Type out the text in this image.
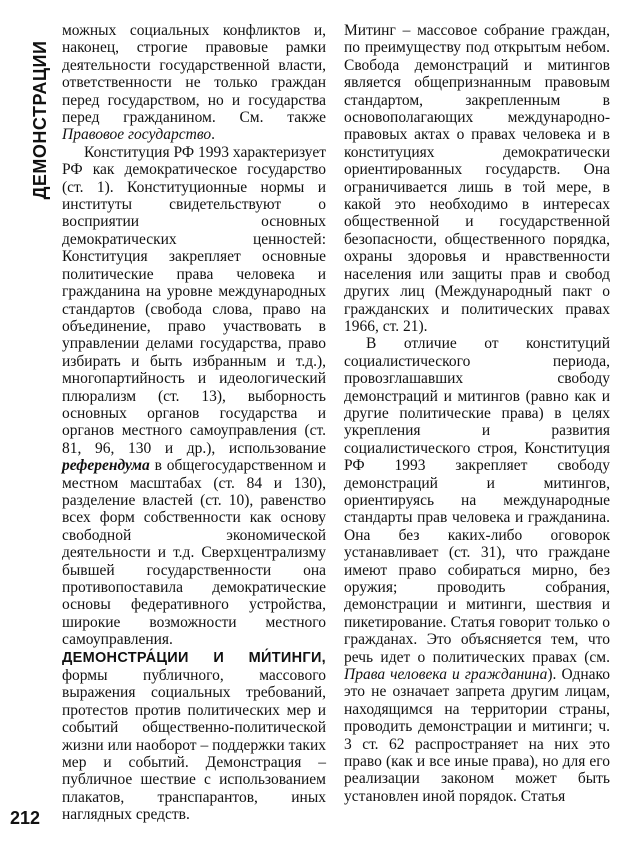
ДЕМОНСТРАЦИИ
212

можных социальных конфликтов и, наконец, строгие правовые рамки деятельности государственной власти, ответственности не только граждан перед государством, но и государства перед гражданином. См. также Правовое государство.

Конституция РФ 1993 характеризует РФ как демократическое государство (ст. 1). Конституционные нормы и институты свидетельствуют о восприятии основных демократических ценностей: Конституция закрепляет основные политические права человека и гражданина на уровне международных стандартов (свобода слова, право на объединение, право участвовать в управлении делами государства, право избирать и быть избранным и т.д.), многопартийность и идеологический плюрализм (ст. 13), выборность основных органов государства и органов местного самоуправления (ст. 81, 96, 130 и др.), использование референдума в общегосударственном и местном масштабах (ст. 84 и 130), разделение властей (ст. 10), равенство всех форм собственности как основу свободной экономической деятельности и т.д. Сверхцентрализму бывшей государственности она противопоставила демократические основы федеративного устройства, широкие возможности местного самоуправления.

ДЕМОНСТРА́ЦИИ И МИ́ТИНГИ, формы публичного, массового выражения социальных требований, протестов против политических мер и событий общественно-политической жизни или наоборот – поддержки таких мер и событий. Демонстрация – публичное шествие с использованием плакатов, транспарантов, иных наглядных средств.

Митинг – массовое собрание граждан, по преимуществу под открытым небом. Свобода демонстраций и митингов является общепризнанным правовым стандартом, закрепленным в основополагающих международно-правовых актах о правах человека и в конституциях демократически ориентированных государств. Она ограничивается лишь в той мере, в какой это необходимо в интересах общественной и государственной безопасности, общественного порядка, охраны здоровья и нравственности населения или защиты прав и свобод других лиц (Международный пакт о гражданских и политических правах 1966, ст. 21).

В отличие от конституций социалистического периода, провозглашавших свободу демонстраций и митингов (равно как и другие политические права) в целях укрепления и развития социалистического строя, Конституция РФ 1993 закрепляет свободу демонстраций и митингов, ориентируясь на международные стандарты прав человека и гражданина. Она без каких-либо оговорок устанавливает (ст. 31), что граждане имеют право собираться мирно, без оружия; проводить собрания, демонстрации и митинги, шествия и пикетирование. Статья говорит только о гражданах. Это объясняется тем, что речь идет о политических правах (см. Права человека и гражданина). Однако это не означает запрета другим лицам, находящимся на территории страны, проводить демонстрации и митинги; ч. 3 ст. 62 распространяет на них это право (как и все иные права), но для его реализации законом может быть установлен иной порядок. Статья
